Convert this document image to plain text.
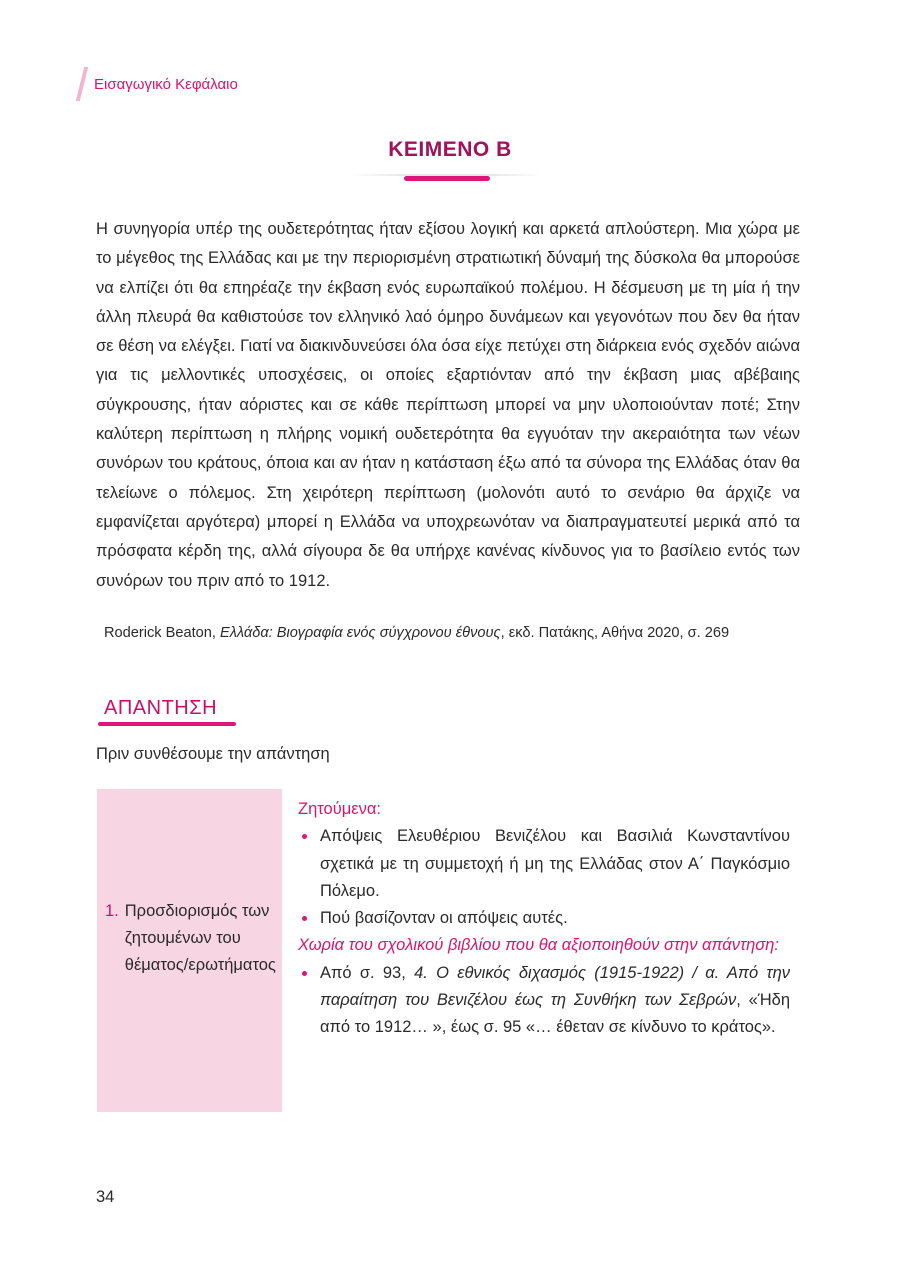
Εισαγωγικό Κεφάλαιο
ΚΕΙΜΕΝΟ Β

Η συνηγορία υπέρ της ουδετερότητας ήταν εξίσου λογική και αρκετά απλούστερη. Μια χώρα με το μέγεθος της Ελλάδας και με την περιορισμένη στρατιωτική δύναμή της δύσκολα θα μπορούσε να ελπίζει ότι θα επηρέαζε την έκβαση ενός ευρωπαϊκού πολέμου. Η δέσμευση με τη μία ή την άλλη πλευρά θα καθιστούσε τον ελληνικό λαό όμηρο δυνάμεων και γεγονότων που δεν θα ήταν σε θέση να ελέγξει. Γιατί να διακινδυνεύσει όλα όσα είχε πετύχει στη διάρκεια ενός σχεδόν αιώνα για τις μελλοντικές υποσχέσεις, οι οποίες εξαρτιόνταν από την έκβαση μιας αβέβαιης σύγκρουσης, ήταν αόριστες και σε κάθε περίπτωση μπορεί να μην υλοποιούνταν ποτέ; Στην καλύτερη περίπτωση η πλήρης νομική ουδετερότητα θα εγγυόταν την ακεραιότητα των νέων συνόρων του κράτους, όποια και αν ήταν η κατάσταση έξω από τα σύνορα της Ελλάδας όταν θα τελείωνε ο πόλεμος. Στη χειρότερη περίπτωση (μολονότι αυτό το σενάριο θα άρχιζε να εμφανίζεται αργότερα) μπορεί η Ελλάδα να υποχρεωνόταν να διαπραγματευτεί μερικά από τα πρόσφατα κέρδη της, αλλά σίγουρα δε θα υπήρχε κανένας κίνδυνος για το βασίλειο εντός των συνόρων του πριν από το 1912.

Roderick Beaton, Ελλάδα: Βιογραφία ενός σύγχρονου έθνους, εκδ. Πατάκης, Αθήνα 2020, σ. 269
ΑΠΑΝΤΗΣΗ
Πριν συνθέσουμε την απάντηση
1. Προσδιορισμός των ζητουμένων του θέματος/ερωτήματος
Ζητούμενα:
Απόψεις Ελευθέριου Βενιζέλου και Βασιλιά Κωνσταντίνου σχετικά με τη συμμετοχή ή μη της Ελλάδας στον Α΄ Παγκόσμιο Πόλεμο.
Πού βασίζονταν οι απόψεις αυτές.
Χωρία του σχολικού βιβλίου που θα αξιοποιηθούν στην απάντηση:
Από σ. 93, 4. Ο εθνικός διχασμός (1915-1922) / α. Από την παραίτηση του Βενιζέλου έως τη Συνθήκη των Σεβρών, «Ήδη από το 1912… », έως σ. 95 «… έθεταν σε κίνδυνο το κράτος».
34
